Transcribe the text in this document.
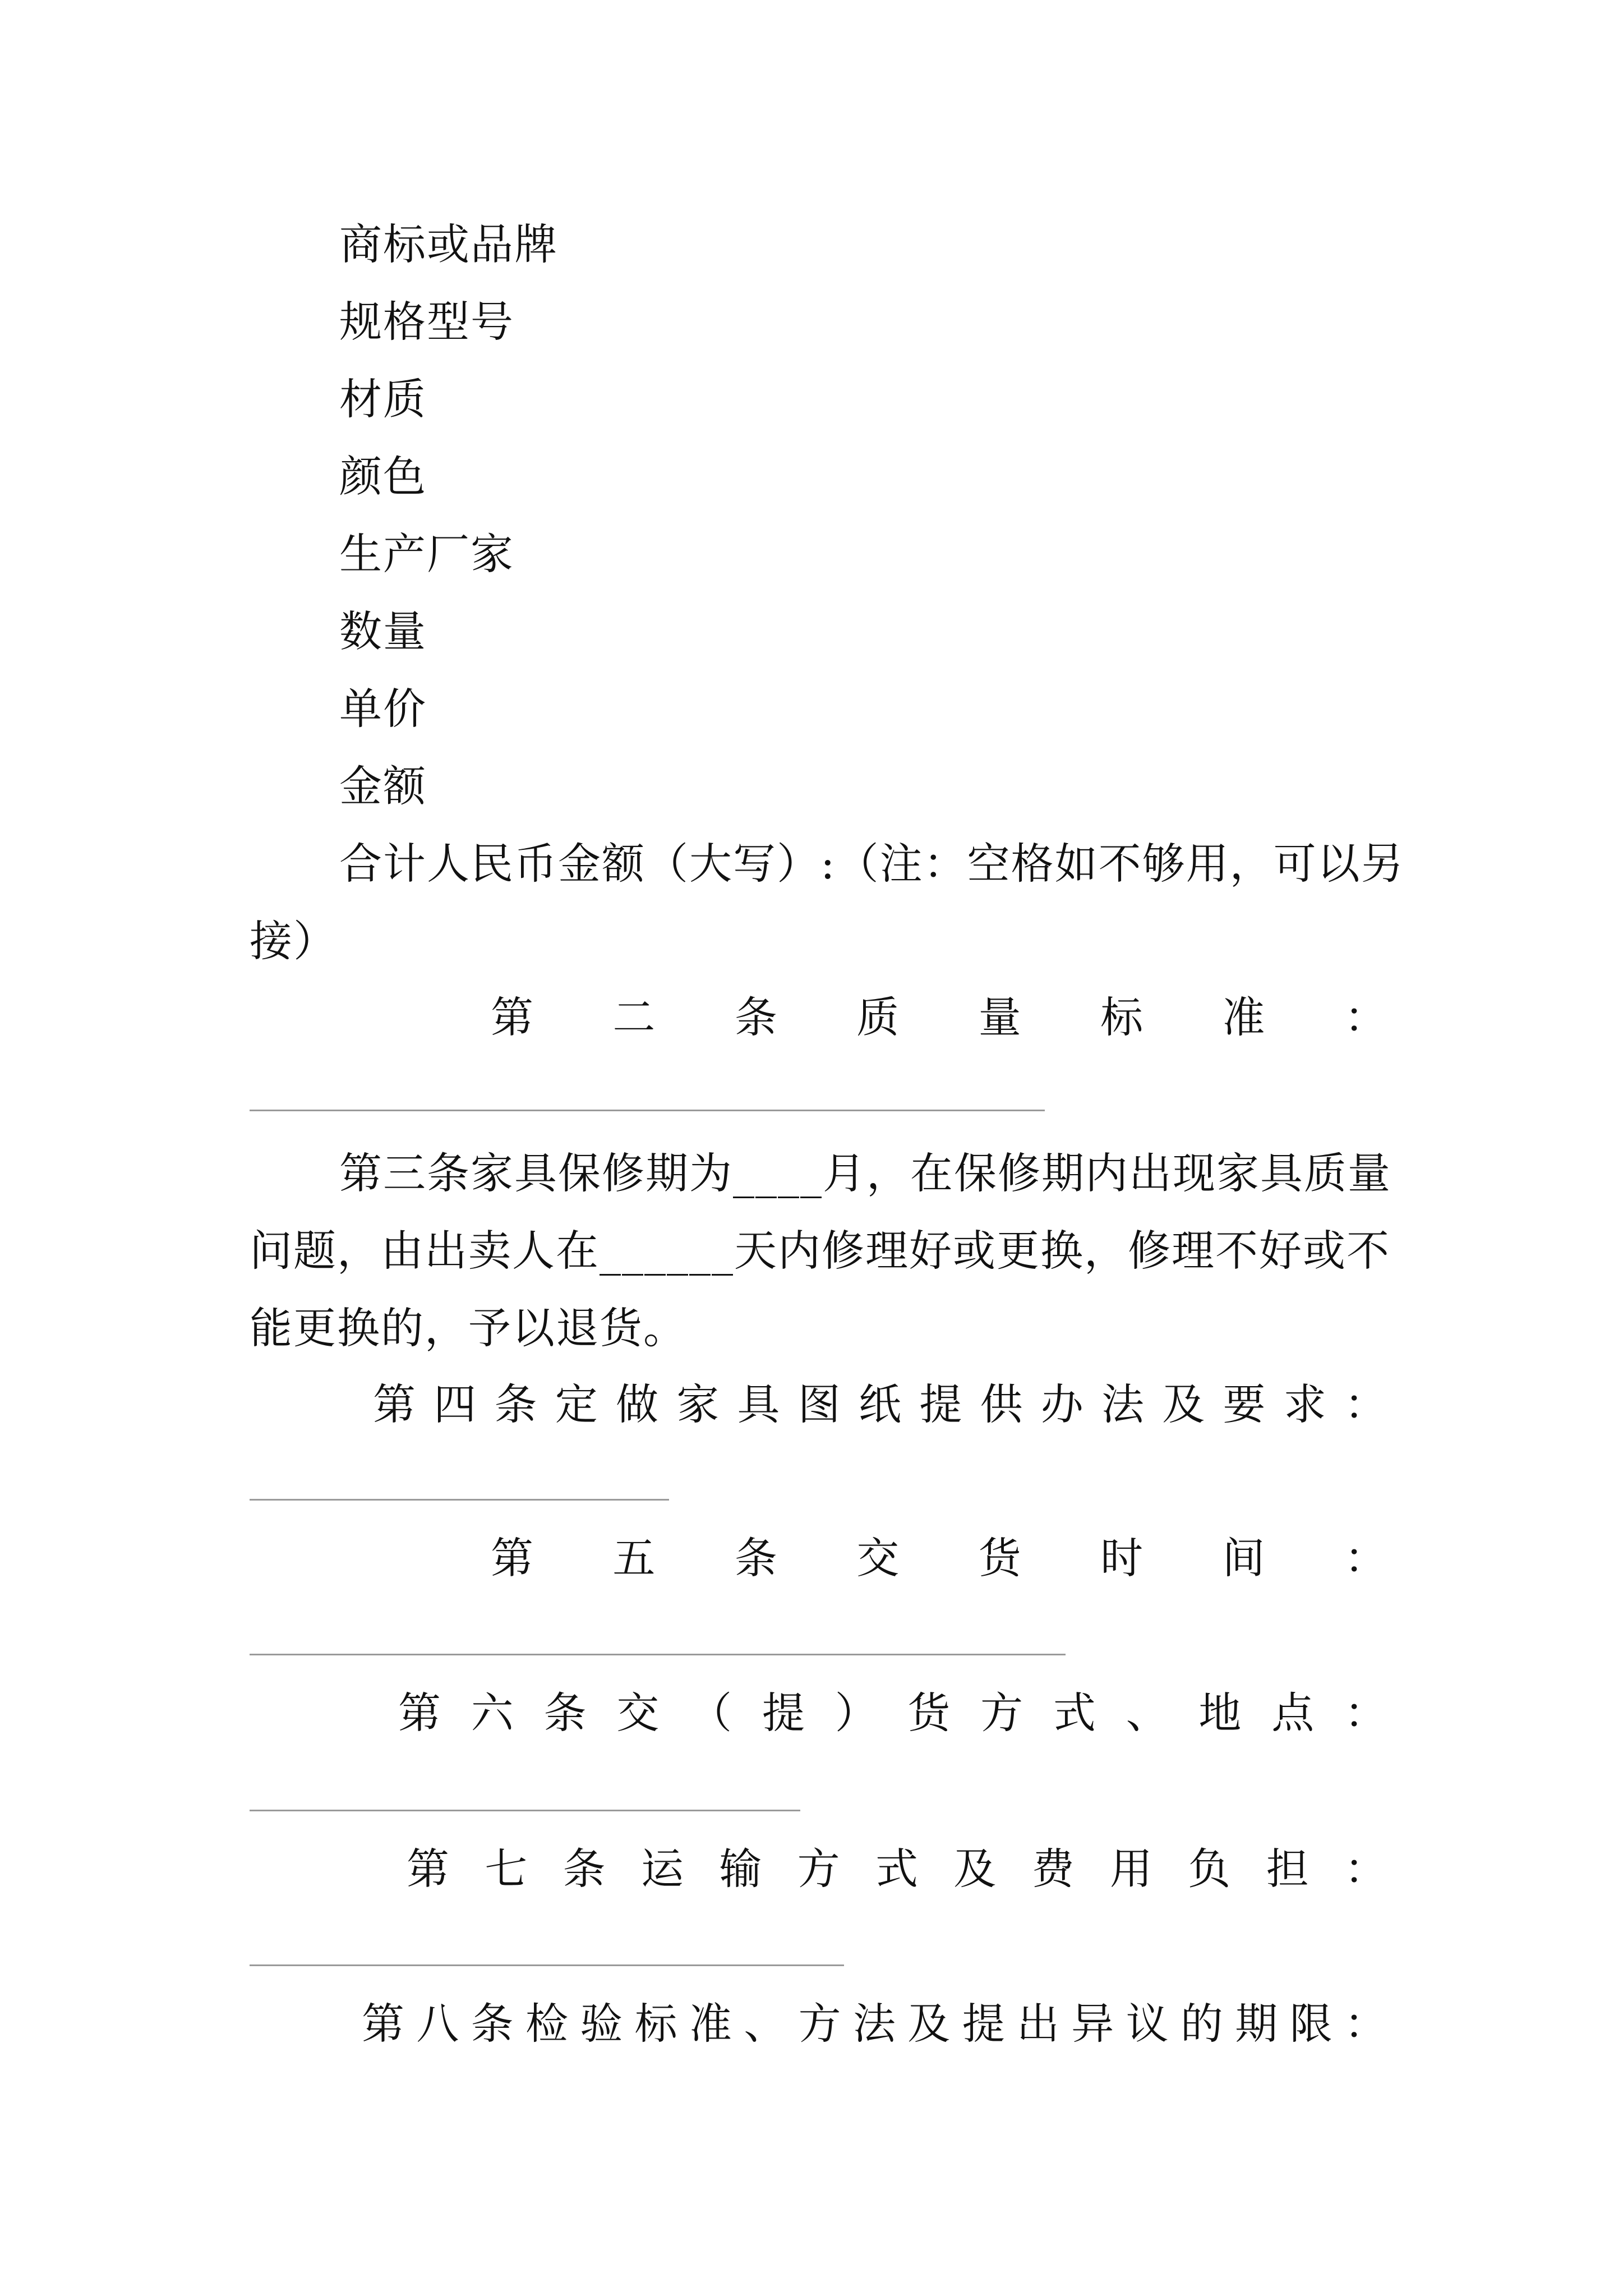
商标或品牌
规格型号
材质
颜色
生产厂家
数量
单价
金额
合计人民币金额（大写）:（注：空格如不够用，可以另
接）
第 二 条 质 量 标 准 ：
第三条家具保修期为____月，在保修期内出现家具质量
问题，由出卖人在______天内修理好或更换，修理不好或不
能更换的，予以退货。
第 四 条 定 做 家 具 图 纸 提 供 办 法 及 要 求 ：
第 五 条 交 货 时 间 ：
第 六 条 交 （ 提 ） 货 方 式 、 地 点 ：
第 七 条 运 输 方 式 及 费 用 负 担 ：
第 八 条 检 验 标 准 、 方 法 及 提 出 异 议 的 期 限 ：
